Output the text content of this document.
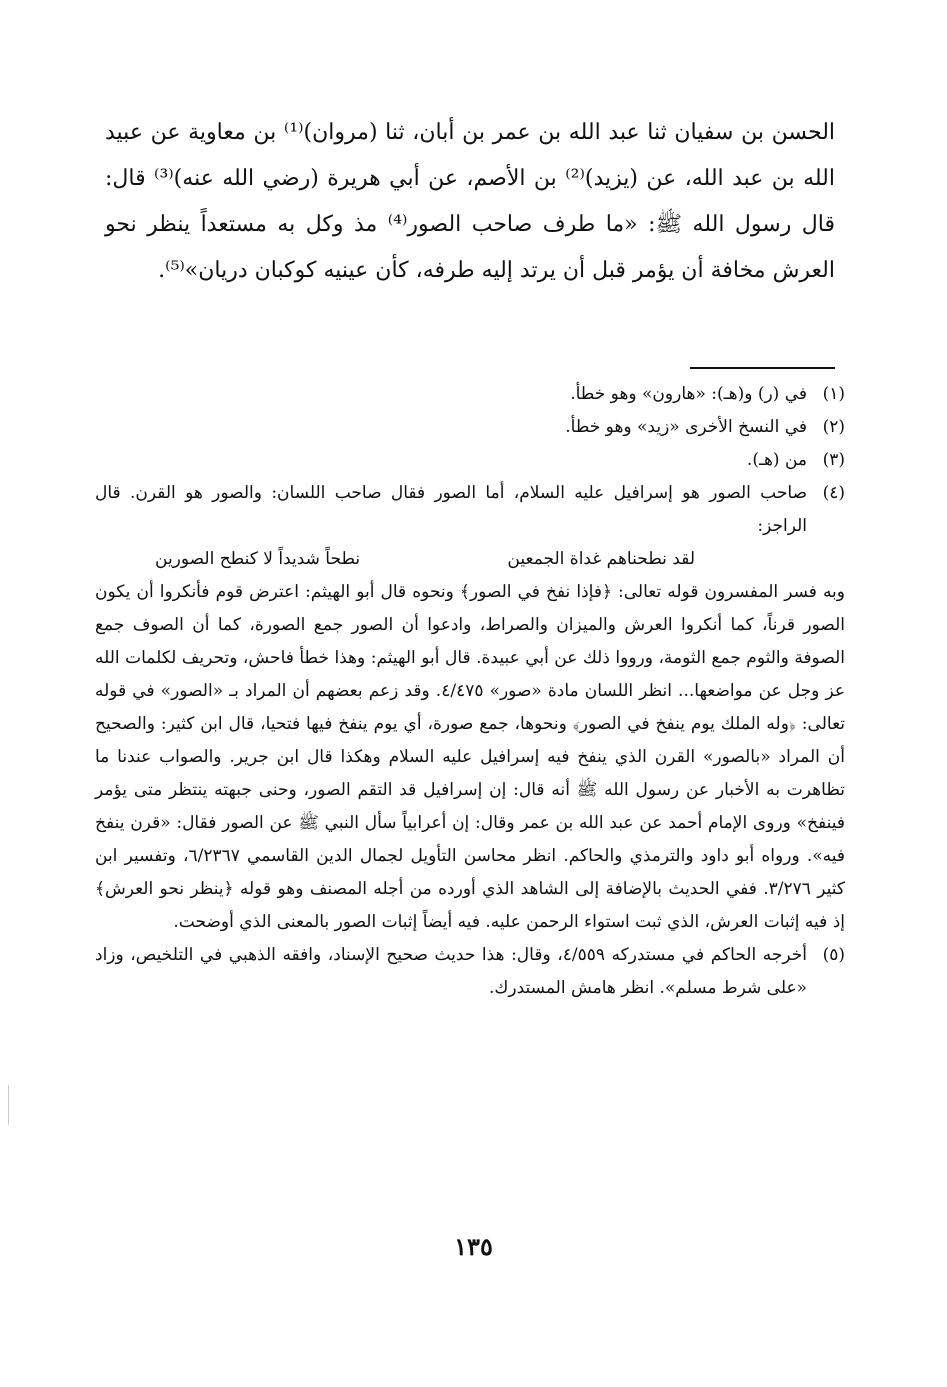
الحسن بن سفيان ثنا عبد الله بن عمر بن أبان، ثنا (مروان)⁽¹⁾ بن معاوية عن عبيد الله بن عبد الله، عن (يزيد)⁽²⁾ بن الأصم، عن أبي هريرة (رضي الله عنه)⁽³⁾ قال: قال رسول الله ﷺ: «ما طرف صاحب الصور⁽⁴⁾ مذ وكل به مستعداً ينظر نحو العرش مخافة أن يؤمر قبل أن يرتد إليه طرفه، كأن عينيه كوكبان دريان»⁽⁵⁾.

(١)
في (ر) و(هـ): «هارون» وهو خطأ.
(٢)
في النسخ الأخرى «زيد» وهو خطأ.
(٣)
من (هـ).
(٤)
صاحب الصور هو إسرافيل عليه السلام، أما الصور فقال صاحب اللسان: والصور هو القرن. قال الراجز:
لقد نطحناهم غداة الجمعين
نطحاً شديداً لا كنطح الصورين

وبه فسر المفسرون قوله تعالى: ﴿فإذا نفخ في الصور﴾ ونحوه قال أبو الهيثم: اعترض قوم فأنكروا أن يكون الصور قرناً، كما أنكروا العرش والميزان والصراط، وادعوا أن الصور جمع الصورة، كما أن الصوف جمع الصوفة والثوم جمع الثومة، ورووا ذلك عن أبي عبيدة. قال أبو الهيثم: وهذا خطأ فاحش، وتحريف لكلمات الله عز وجل عن مواضعها... انظر اللسان مادة «صور» ٤/٤٧٥. وقد زعم بعضهم أن المراد بـ «الصور» في قوله تعالى: ﴿وله الملك يوم ينفخ في الصور﴾ ونحوها، جمع صورة، أي يوم ينفخ فيها فتحيا، قال ابن كثير: والصحيح أن المراد «بالصور» القرن الذي ينفخ فيه إسرافيل عليه السلام وهكذا قال ابن جرير. والصواب عندنا ما تظاهرت به الأخبار عن رسول الله ﷺ أنه قال: إن إسرافيل قد التقم الصور، وحنى جبهته ينتظر متى يؤمر فينفخ» وروى الإمام أحمد عن عبد الله بن عمر وقال: إن أعرابياً سأل النبي ﷺ عن الصور فقال: «قرن ينفخ فيه». ورواه أبو داود والترمذي والحاكم. انظر محاسن التأويل لجمال الدين القاسمي ٦/٢٣٦٧، وتفسير ابن كثير ٣/٢٧٦. ففي الحديث بالإضافة إلى الشاهد الذي أورده من أجله المصنف وهو قوله ﴿ينظر نحو العرش﴾ إذ فيه إثبات العرش، الذي ثبت استواء الرحمن عليه. فيه أيضاً إثبات الصور بالمعنى الذي أوضحت.

(٥)
أخرجه الحاكم في مستدركه ٤/٥٥٩، وقال: هذا حديث صحيح الإسناد، وافقه الذهبي في التلخيص، وزاد «على شرط مسلم». انظر هامش المستدرك.
١٣٥
